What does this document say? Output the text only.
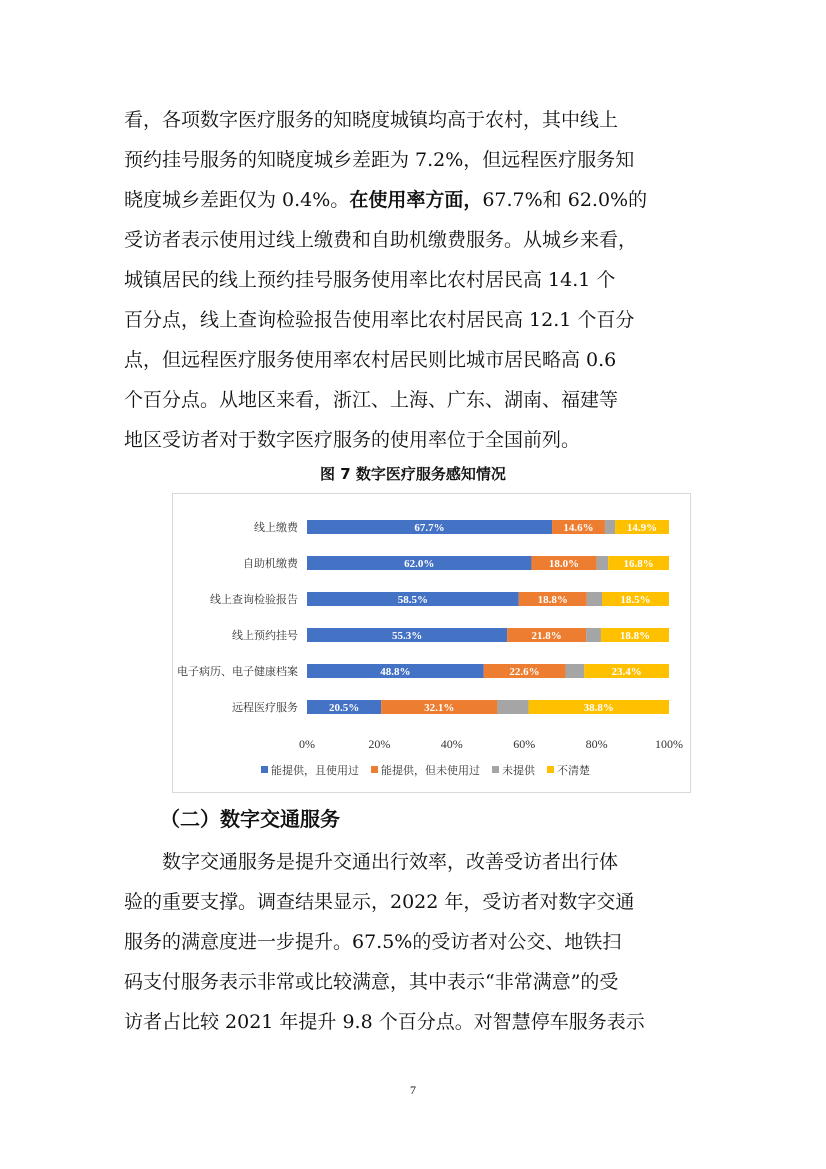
看，各项数字医疗服务的知晓度城镇均高于农村，其中线上
预约挂号服务的知晓度城乡差距为 7.2%，但远程医疗服务知
晓度城乡差距仅为 0.4%。在使用率方面，67.7%和 62.0%的
受访者表示使用过线上缴费和自助机缴费服务。从城乡来看，
城镇居民的线上预约挂号服务使用率比农村居民高 14.1 个
百分点，线上查询检验报告使用率比农村居民高 12.1 个百分
点，但远程医疗服务使用率农村居民则比城市居民略高 0.6
个百分点。从地区来看，浙江、上海、广东、湖南、福建等
地区受访者对于数字医疗服务的使用率位于全国前列。
图 7 数字医疗服务感知情况
线上缴费	67.7%	14.6%	14.9%
自助机缴费	62.0%	18.0%	16.8%
线上查询检验报告	58.5%	18.8%	18.5%
线上预约挂号	55.3%	21.8%	18.8%
电子病历、电子健康档案	48.8%	22.6%	23.4%
远程医疗服务	20.5%	32.1%	38.8%
0%	20%	40%	60%	80%	100%
能提供，且使用过 能提供，但未使用过 未提供 不清楚
（二）数字交通服务
数字交通服务是提升交通出行效率，改善受访者出行体
验的重要支撑。调查结果显示，2022 年，受访者对数字交通
服务的满意度进一步提升。67.5%的受访者对公交、地铁扫
码支付服务表示非常或比较满意，其中表示“非常满意”的受
访者占比较 2021 年提升 9.8 个百分点。对智慧停车服务表示
7
